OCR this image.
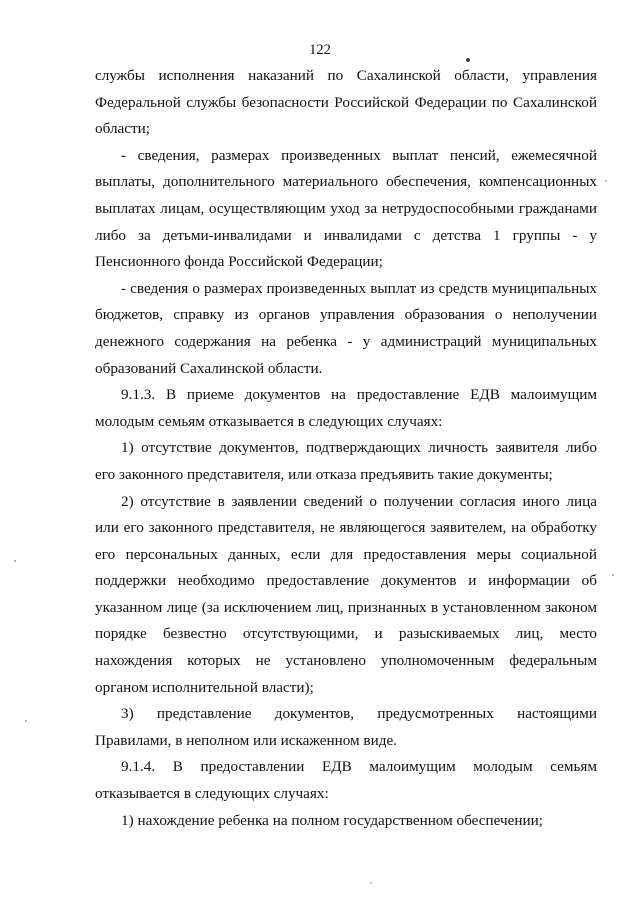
122

службы исполнения наказаний по Сахалинской области, управления Федеральной службы безопасности Российской Федерации по Сахалинской области;

- сведения, размерах произведенных выплат пенсий, ежемесячной выплаты, дополнительного материального обеспечения, компенсационных выплатах лицам, осуществляющим уход за нетрудоспособными гражданами либо за детьми-инвалидами и инвалидами с детства 1 группы - у Пенсионного фонда Российской Федерации;

- сведения о размерах произведенных выплат из средств муниципальных бюджетов, справку из органов управления образования о неполучении денежного содержания на ребенка - у администраций муниципальных образований Сахалинской области.

9.1.3. В приеме документов на предоставление ЕДВ малоимущим молодым семьям отказывается в следующих случаях:

1) отсутствие документов, подтверждающих личность заявителя либо его законного представителя, или отказа предъявить такие документы;

2) отсутствие в заявлении сведений о получении согласия иного лица или его законного представителя, не являющегося заявителем, на обработку его персональных данных, если для предоставления меры социальной поддержки необходимо предоставление документов и информации об указанном лице (за исключением лиц, признанных в установленном законом порядке безвестно отсутствующими, и разыскиваемых лиц, место нахождения которых не установлено уполномоченным федеральным органом исполнительной власти);

3) представление документов, предусмотренных настоящими Правилами, в неполном или искаженном виде.

9.1.4. В предоставлении ЕДВ малоимущим молодым семьям отказывается в следующих случаях:

1) нахождение ребенка на полном государственном обеспечении;
